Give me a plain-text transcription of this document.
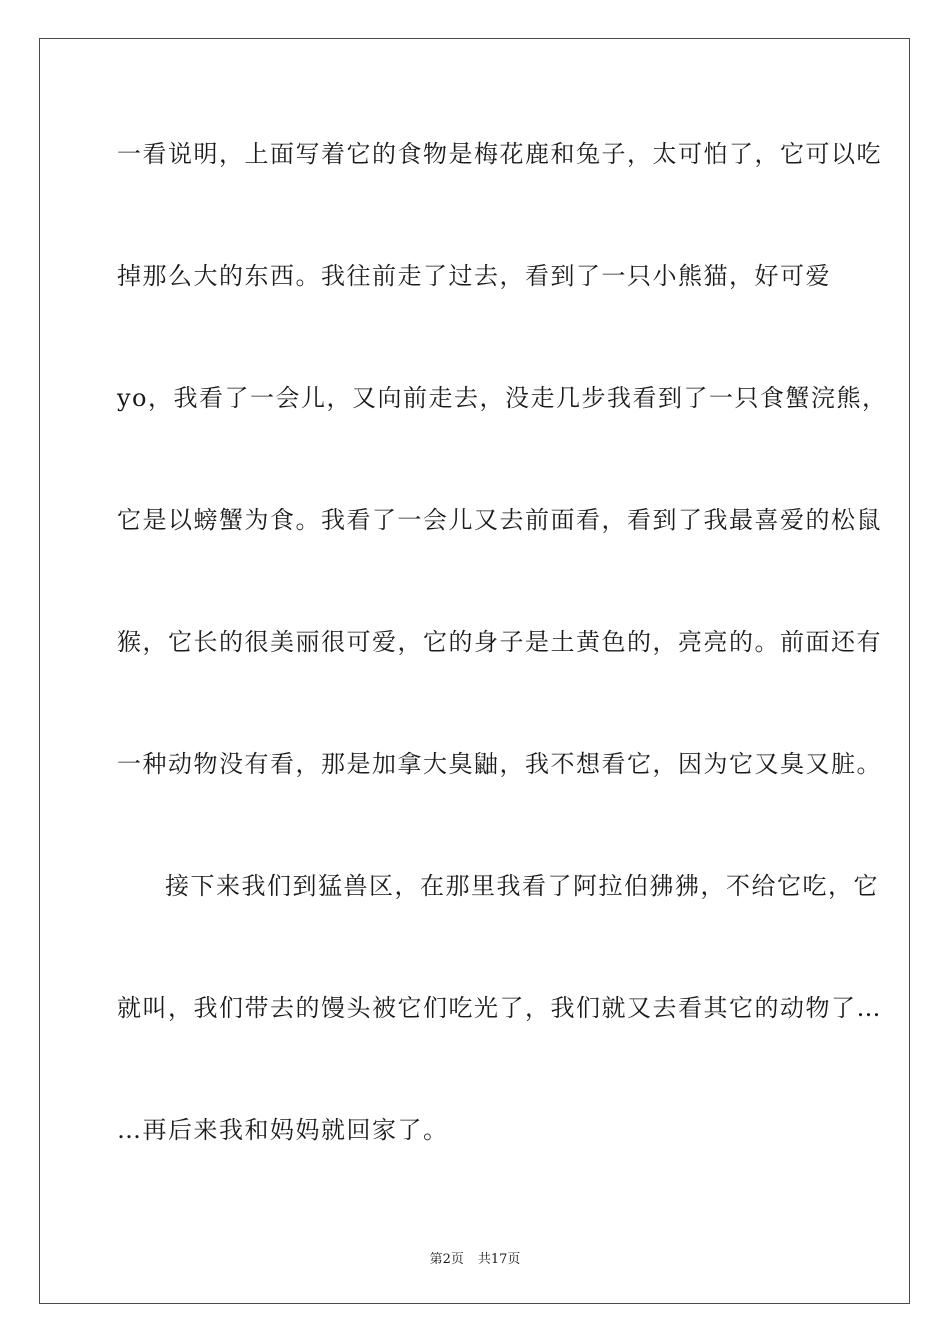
一看说明，上面写着它的食物是梅花鹿和兔子，太可怕了，它可以吃
掉那么大的东西。我往前走了过去，看到了一只小熊猫，好可爱
yo，我看了一会儿，又向前走去，没走几步我看到了一只食蟹浣熊，
它是以螃蟹为食。我看了一会儿又去前面看，看到了我最喜爱的松鼠
猴，它长的很美丽很可爱，它的身子是土黄色的，亮亮的。前面还有
一种动物没有看，那是加拿大臭鼬，我不想看它，因为它又臭又脏。
接下来我们到猛兽区，在那里我看了阿拉伯狒狒，不给它吃，它
就叫，我们带去的馒头被它们吃光了，我们就又去看其它的动物了…
…再后来我和妈妈就回家了。
第2页 共17页
